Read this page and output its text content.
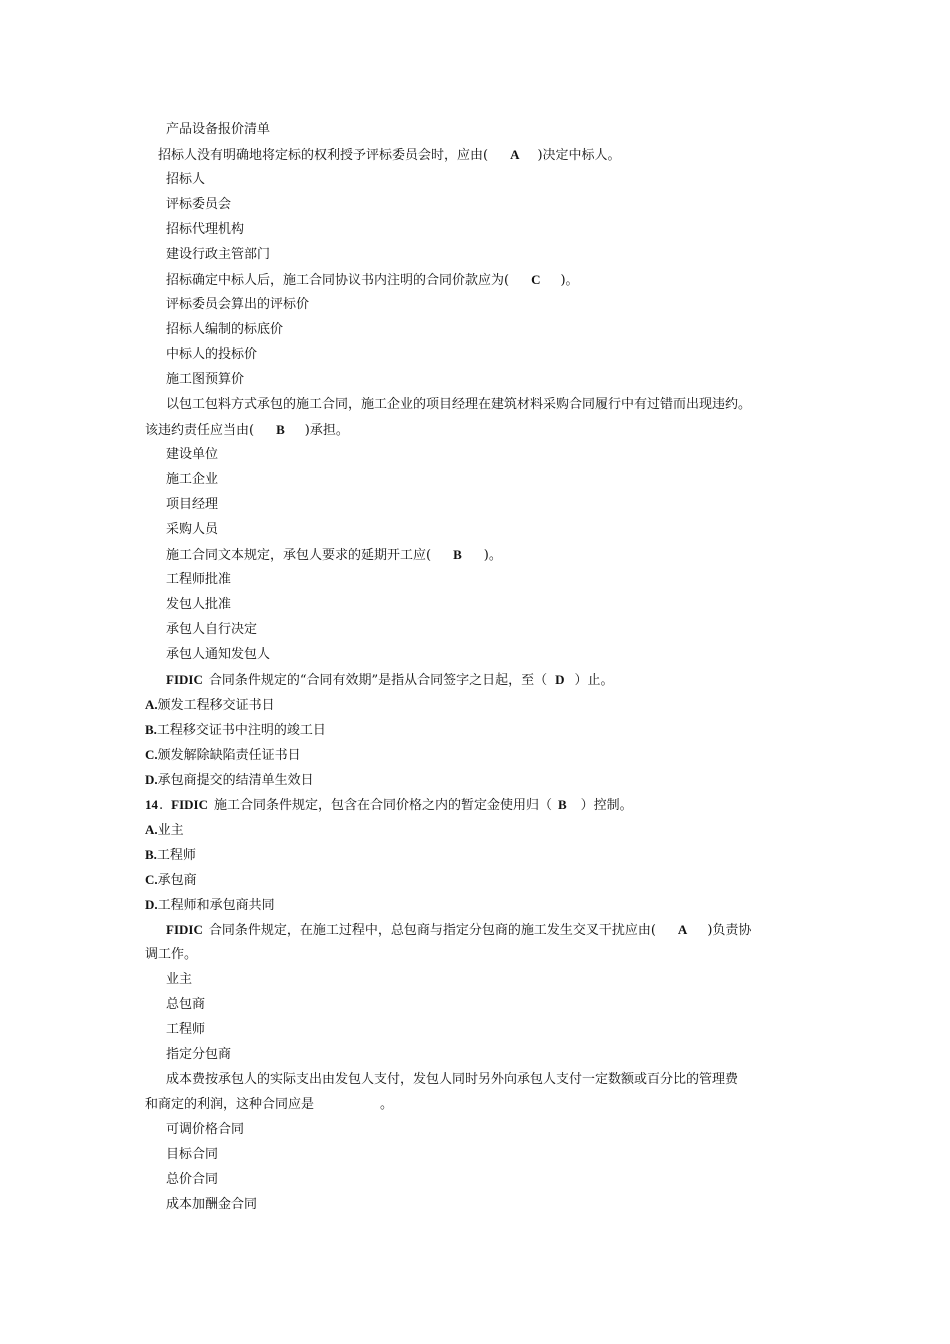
产品设备报价清单
招标人没有明确地将定标的权利授予评标委员会时，应由( A )决定中标人。
招标人
评标委员会
招标代理机构
建设行政主管部门
招标确定中标人后，施工合同协议书内注明的合同价款应为( C )。
评标委员会算出的评标价
招标人编制的标底价
中标人的投标价
施工图预算价
以包工包料方式承包的施工合同，施工企业的项目经理在建筑材料采购合同履行中有过错而出现违约。
该违约责任应当由( B )承担。
建设单位
施工企业
项目经理
采购人员
施工合同文本规定，承包人要求的延期开工应( B )。
工程师批准
发包人批准
承包人自行决定
承包人通知发包人
FIDIC 合同条件规定的“合同有效期”是指从合同签字之日起，至（ D ）止。
A.颁发工程移交证书日
B.工程移交证书中注明的竣工日
C.颁发解除缺陷责任证书日
D.承包商提交的结清单生效日
14. FIDIC 施工合同条件规定，包含在合同价格之内的暂定金使用归（ B ）控制。
A.业主
B.工程师
C.承包商
D.工程师和承包商共同
FIDIC 合同条件规定，在施工过程中，总包商与指定分包商的施工发生交叉干扰应由( A )负责协
调工作。
业主
总包商
工程师
指定分包商
成本费按承包人的实际支出由发包人支付，发包人同时另外向承包人支付一定数额或百分比的管理费
和商定的利润，这种合同应是	。
可调价格合同
目标合同
总价合同
成本加酬金合同
